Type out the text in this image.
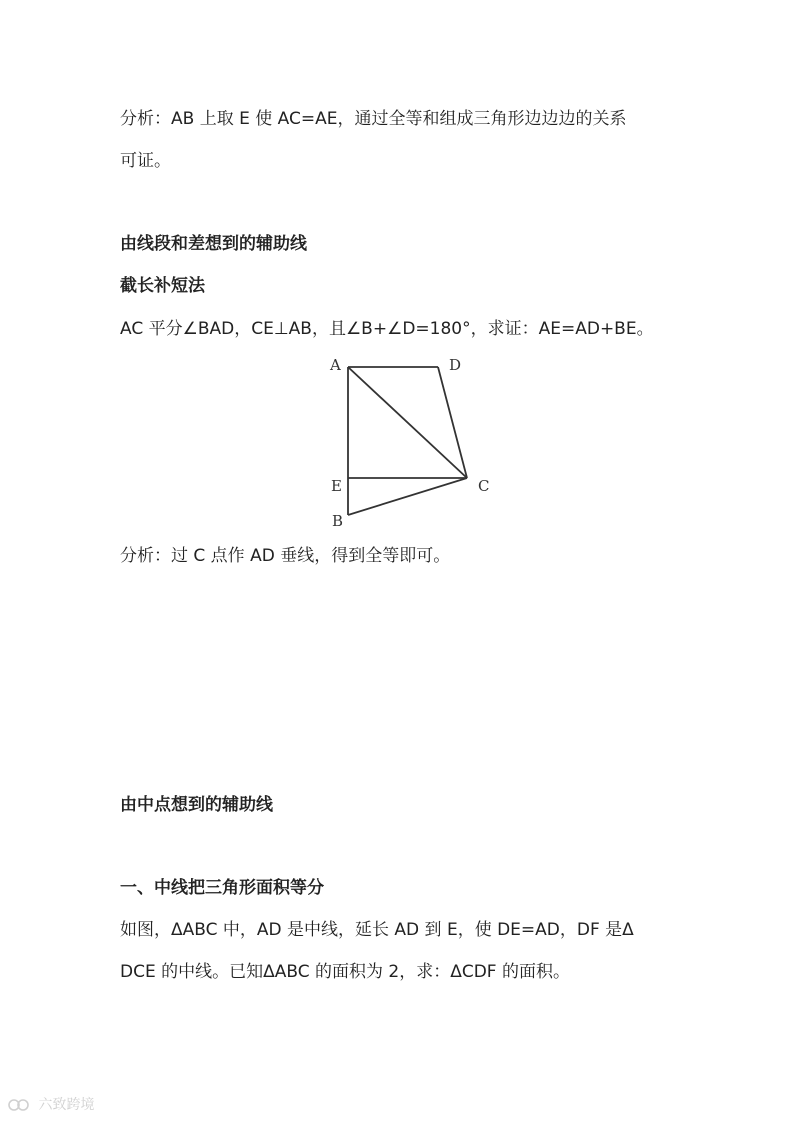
分析：AB 上取 E 使 AC=AE，通过全等和组成三角形边边边的关系
可证。
由线段和差想到的辅助线
截长补短法
AC 平分∠BAD，CE⊥AB，且∠B+∠D=180°，求证：AE=AD+BE。
A	D
E	C
B
分析：过 C 点作 AD 垂线，得到全等即可。
由中点想到的辅助线
一、中线把三角形面积等分
如图，ΔABC 中，AD 是中线，延长 AD 到 E，使 DE=AD，DF 是Δ
DCE 的中线。已知ΔABC 的面积为 2，求：ΔCDF 的面积。
六致跨境
